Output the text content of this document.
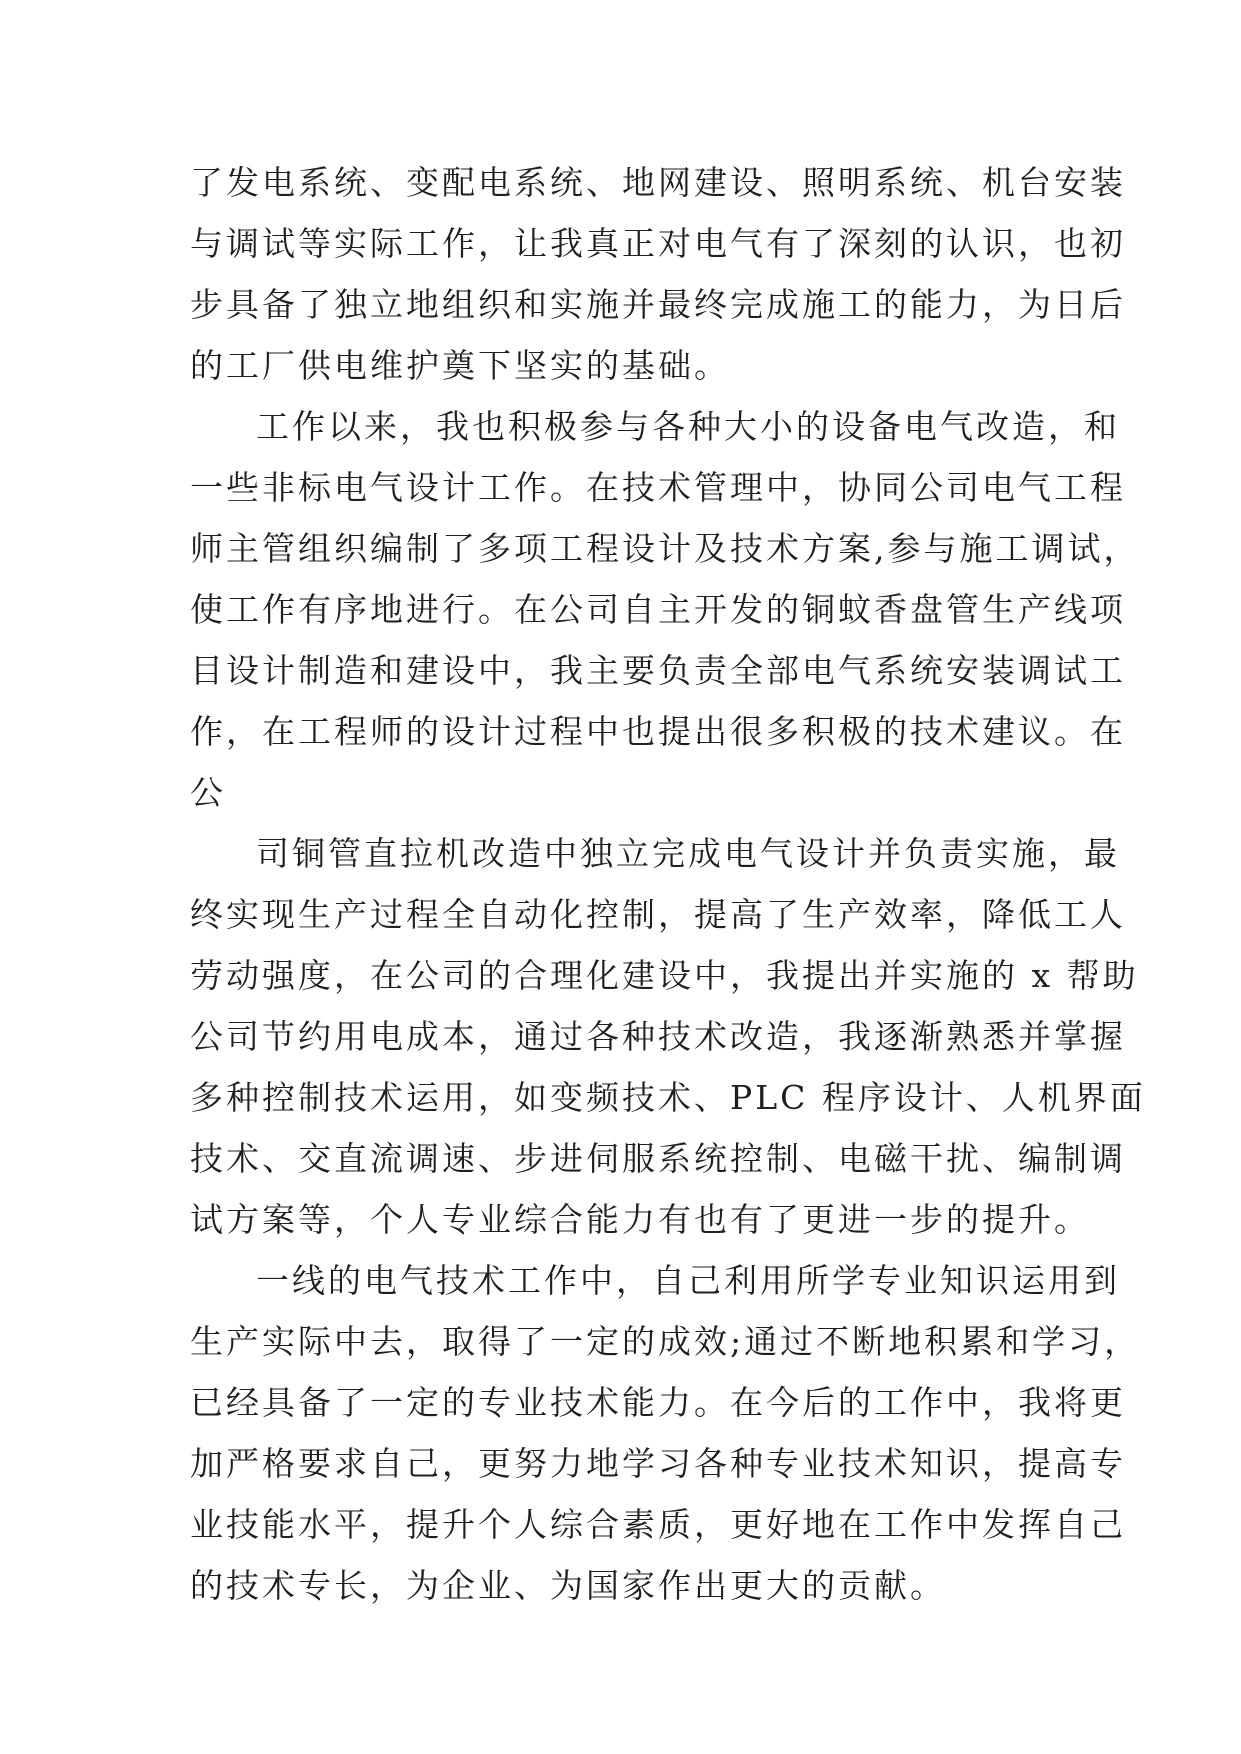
了发电系统、变配电系统、地网建设、照明系统、机台安装
与调试等实际工作，让我真正对电气有了深刻的认识，也初
步具备了独立地组织和实施并最终完成施工的能力，为日后
的工厂供电维护奠下坚实的基础。
工作以来，我也积极参与各种大小的设备电气改造，和
一些非标电气设计工作。在技术管理中，协同公司电气工程
师主管组织编制了多项工程设计及技术方案,参与施工调试，
使工作有序地进行。在公司自主开发的铜蚊香盘管生产线项
目设计制造和建设中，我主要负责全部电气系统安装调试工
作，在工程师的设计过程中也提出很多积极的技术建议。在
公
司铜管直拉机改造中独立完成电气设计并负责实施，最
终实现生产过程全自动化控制，提高了生产效率，降低工人
劳动强度，在公司的合理化建设中，我提出并实施的 x 帮助
公司节约用电成本，通过各种技术改造，我逐渐熟悉并掌握
多种控制技术运用，如变频技术、PLC 程序设计、人机界面
技术、交直流调速、步进伺服系统控制、电磁干扰、编制调
试方案等，个人专业综合能力有也有了更进一步的提升。
一线的电气技术工作中，自己利用所学专业知识运用到
生产实际中去，取得了一定的成效;通过不断地积累和学习，
已经具备了一定的专业技术能力。在今后的工作中，我将更
加严格要求自己，更努力地学习各种专业技术知识，提高专
业技能水平，提升个人综合素质，更好地在工作中发挥自己
的技术专长，为企业、为国家作出更大的贡献。
